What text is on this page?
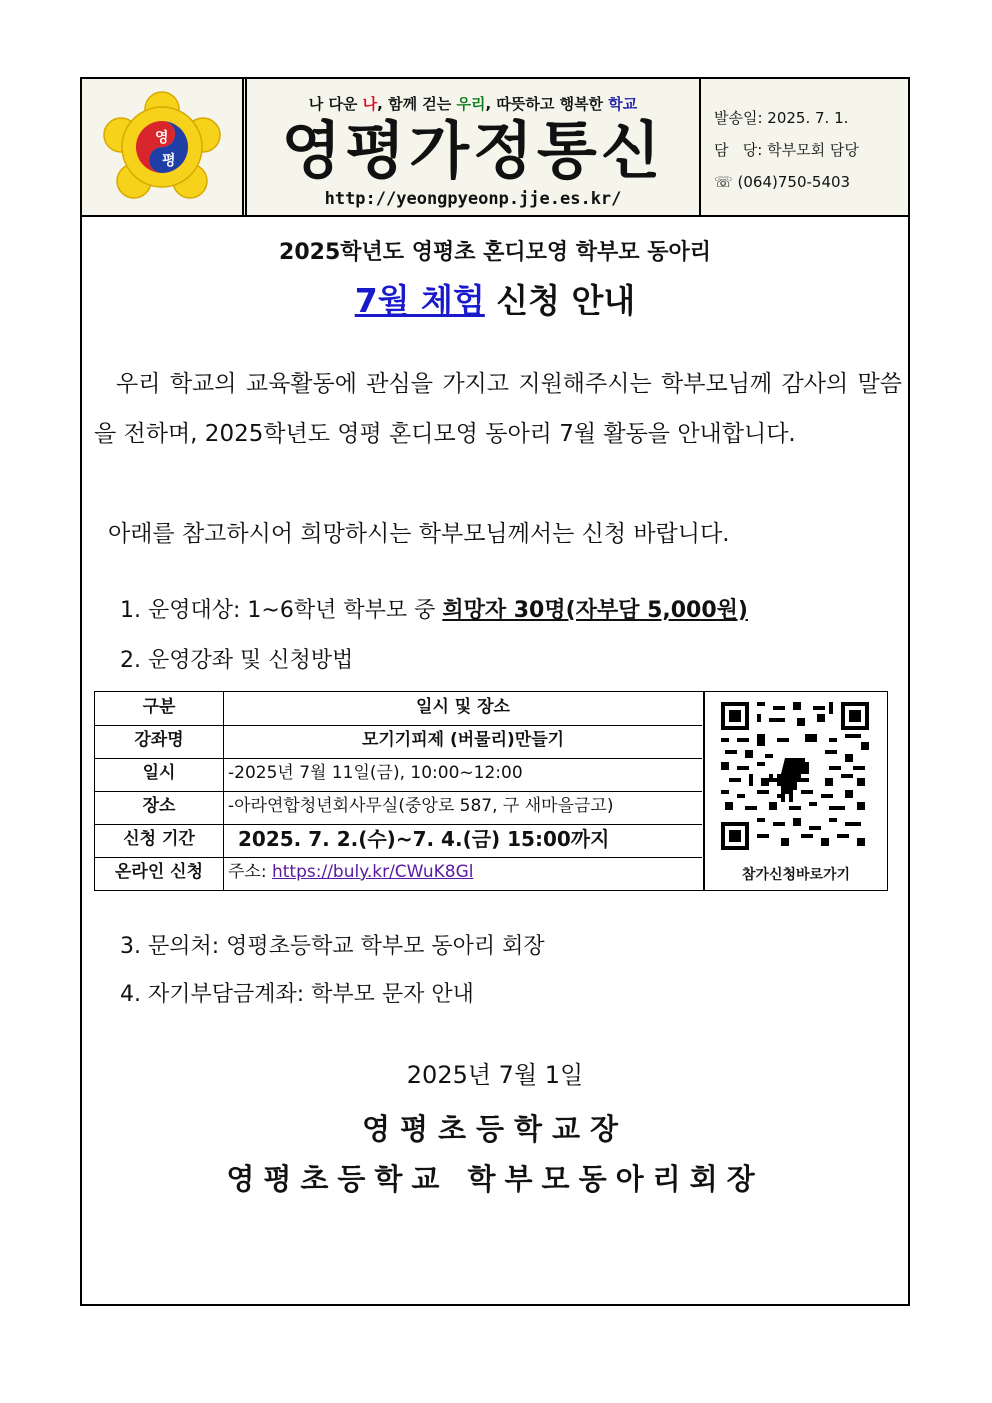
영
평
나 다운 나, 함께 걷는 우리, 따뜻하고 행복한 학교
영평가정통신
http://yeongpyeonp.jje.es.kr/
발송일: 2025. 7. 1.
담   당: 학부모회 담당
☏ (064)750-5403
2025학년도 영평초 혼디모영 학부모 동아리
7월 체험 신청 안내
우리 학교의 교육활동에 관심을 가지고 지원해주시는 학부모님께 감사의 말씀을 전하며, 2025학년도 영평 혼디모영 동아리 7월 활동을 안내합니다.
아래를 참고하시어 희망하시는 학부모님께서는 신청 바랍니다.
1. 운영대상: 1~6학년 학부모 중 희망자 30명(자부담 5,000원)
2. 운영강좌 및 신청방법
구분	일시 및 장소
강좌명	모기기피제 (버물리)만들기
일시	-2025년 7월 11일(금), 10:00~12:00
장소	-아라연합청년회사무실(중앙로 587, 구 새마을금고)
신청 기간	2025. 7. 2.(수)~7. 4.(금) 15:00까지
온라인 신청	주소: https://buly.kr/CWuK8Gl	참가신청바로가기
3. 문의처: 영평초등학교 학부모 동아리 회장
4. 자기부담금계좌: 학부모 문자 안내
2025년 7월 1일
영평초등학교장
영평초등학교 학부모동아리회장
